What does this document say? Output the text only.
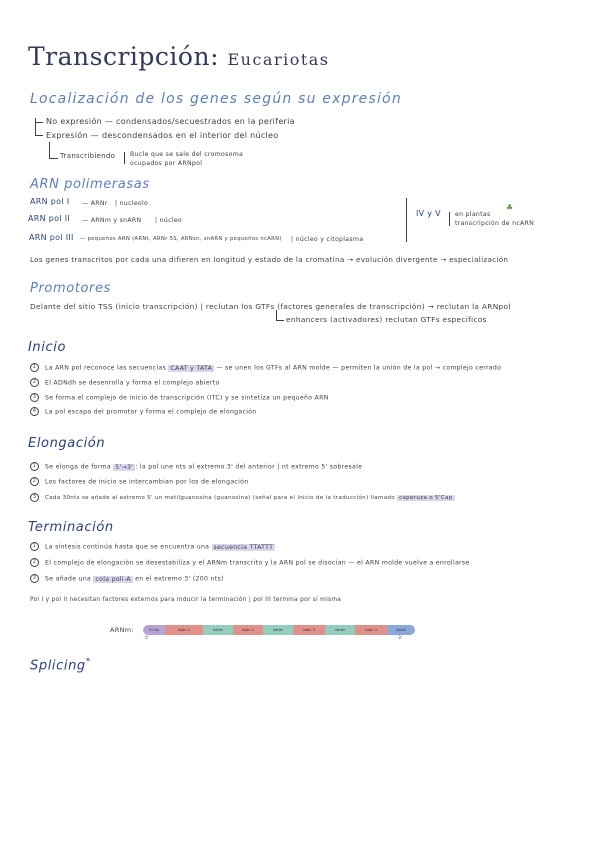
Transcripción: Eucariotas
Localización de los genes según su expresión
No expresión — condensados/secuestrados en la periferia
Expresión — descondensados en el interior del núcleo
Transcribiendo Bucle que se sale del cromosoma
ocupados por ARNpol
ARN polimerasas
ARN pol I — ARNr | nucleolo
ARN pol II — ARNm y snARN | núcleo
ARN pol III — pequeños ARN (ARNt, ARNr 5S, ARNsn, snARN y pequeños ncARN) | núcleo y citoplasma
IV y V en plantas
♣
transcripción de ncARN
Los genes transcritos por cada una difieren en longitud y estado de la cromatina → evolución divergente → especialización
Promotores
Delante del sitio TSS (inicio transcripción) | reclutan los GTFs (factores generales de transcripción) → reclutan la ARNpol
enhancers (activadores) reclutan GTFs específicos
Inicio
1 La ARN pol reconoce las secuencias CAAT y TATA — se unen los GTFs al ARN molde — permiten la unión de la pol → complejo cerrado
2 El ADNdh se desenrolla y forma el complejo abierto
3 Se forma el complejo de inicio de transcripción (ITC) y se sintetiza un pequeño ARN
4 La pol escapa del promotor y forma el complejo de elongación
Elongación
1 Se elonga de forma 5'→3' : la pol une nts al extremo 3' del anterior | nt extremo 5' sobresale
2 Los factores de inicio se intercambian por los de elongación
3 Cada 30nts se añade al extremo 5' un metilguanosina (guanosina) (señal para el inicio de la traducción) llamado caperuza o 5'Cap
Terminación
1 La síntesis continúa hasta que se encuentra una secuencia TTATTT
2 El complejo de elongación se desestabiliza y el ARNm transcrito y la ARN pol se disocian — el ARN molde vuelve a enrollarse
3 Se añade una cola poli-A en el extremo 3' (200 nts)
Pol I y pol II necesitan factores externos para inducir la terminación | pol III termina por sí misma
ARNm:	5'Cap	exón 1	intrón	exón 2	intrón	exón 3	intrón	exón 4	AAAA
5'	3'
Splicing*
